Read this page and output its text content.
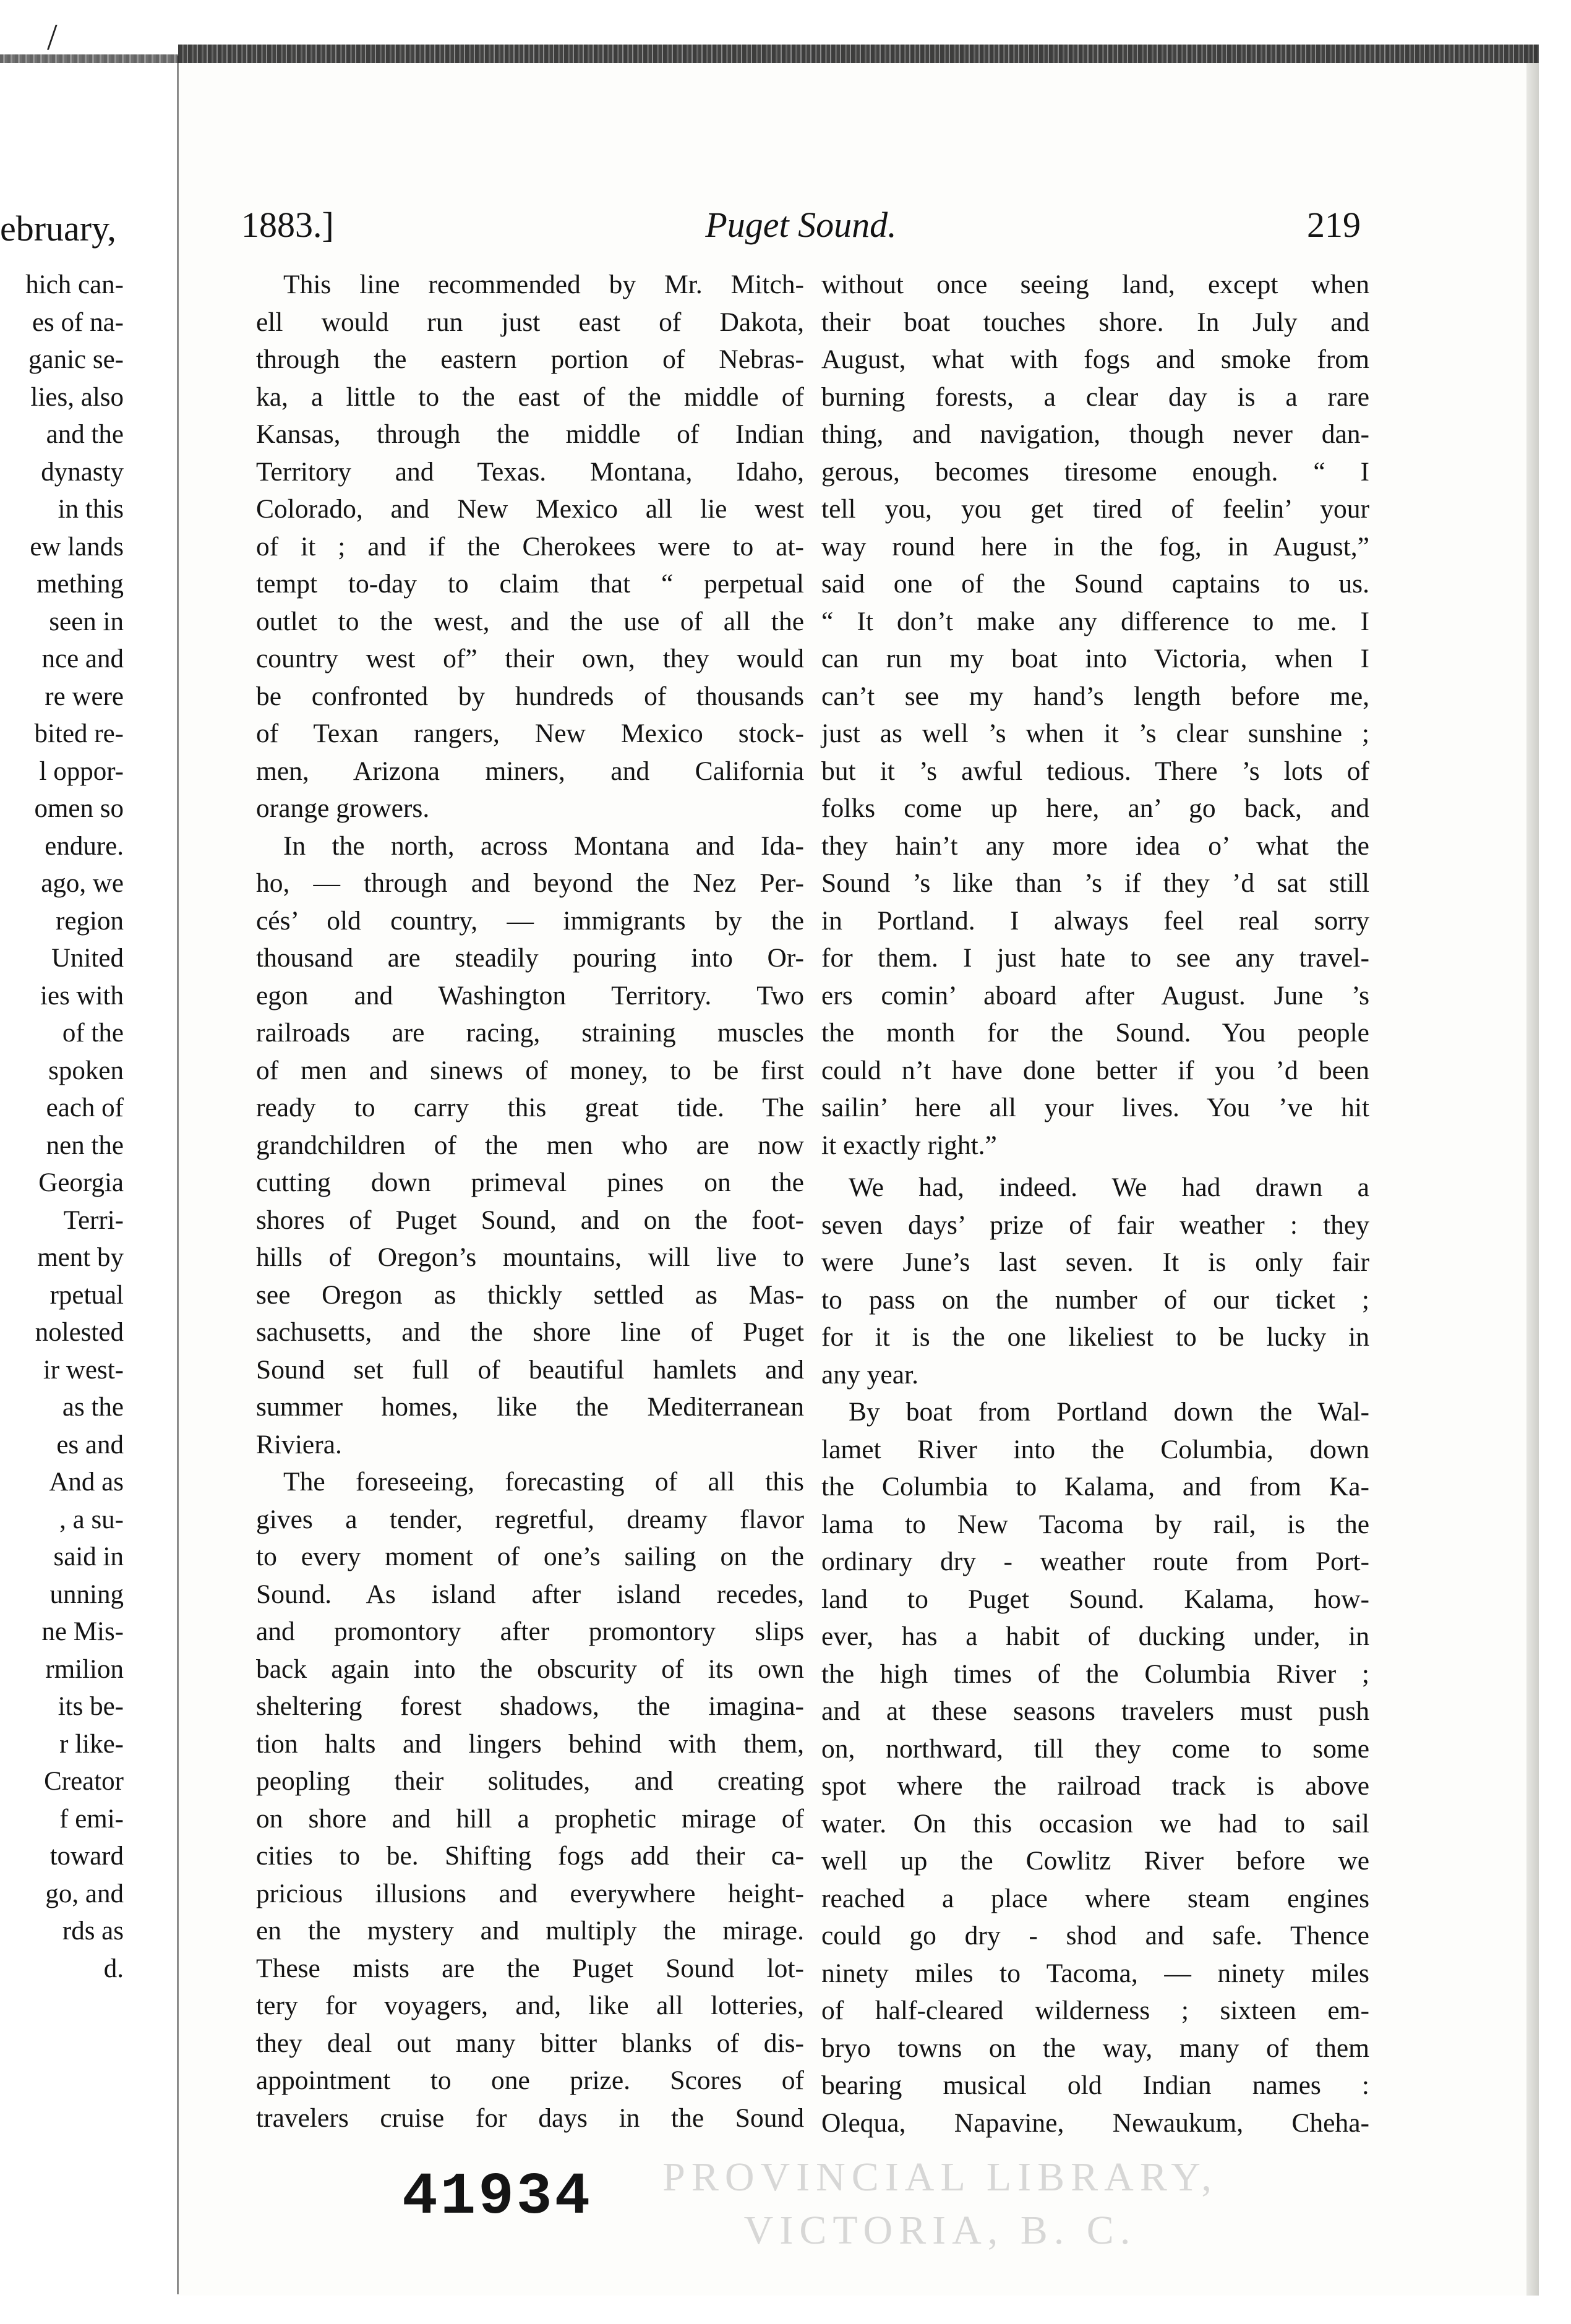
/
ebruary,
hich can-
es of na-
ganic se-
lies, also
and the
dynasty
in this
ew lands
mething
seen in
nce and
re were
bited re-
l oppor-
omen so
endure.
ago, we
region
United
ies with
of the
spoken
each of
nen the
Georgia
Terri-
ment by
rpetual
nolested
ir west-
as the
es and
And as
, a su-
said in
unning
ne Mis-
rmilion
its be-
r like-
Creator
f emi-
toward
go, and
rds as
d.
1883.]	Puget Sound.	219
This line recommended by Mr. Mitch-
ell would run just east of Dakota,
through the eastern portion of Nebras-
ka, a little to the east of the middle of
Kansas, through the middle of Indian
Territory and Texas. Montana, Idaho,
Colorado, and New Mexico all lie west
of it ; and if the Cherokees were to at-
tempt to-day to claim that “ perpetual
outlet to the west, and the use of all the
country west of” their own, they would
be confronted by hundreds of thousands
of Texan rangers, New Mexico stock-
men, Arizona miners, and California
orange growers.
In the north, across Montana and Ida-
ho, — through and beyond the Nez Per-
cés’ old country, — immigrants by the
thousand are steadily pouring into Or-
egon and Washington Territory. Two
railroads are racing, straining muscles
of men and sinews of money, to be first
ready to carry this great tide. The
grandchildren of the men who are now
cutting down primeval pines on the
shores of Puget Sound, and on the foot-
hills of Oregon’s mountains, will live to
see Oregon as thickly settled as Mas-
sachusetts, and the shore line of Puget
Sound set full of beautiful hamlets and
summer homes, like the Mediterranean
Riviera.
The foreseeing, forecasting of all this
gives a tender, regretful, dreamy flavor
to every moment of one’s sailing on the
Sound. As island after island recedes,
and promontory after promontory slips
back again into the obscurity of its own
sheltering forest shadows, the imagina-
tion halts and lingers behind with them,
peopling their solitudes, and creating
on shore and hill a prophetic mirage of
cities to be. Shifting fogs add their ca-
pricious illusions and everywhere height-
en the mystery and multiply the mirage.
These mists are the Puget Sound lot-
tery for voyagers, and, like all lotteries,
they deal out many bitter blanks of dis-
appointment to one prize. Scores of
travelers cruise for days in the Sound
without once seeing land, except when
their boat touches shore. In July and
August, what with fogs and smoke from
burning forests, a clear day is a rare
thing, and navigation, though never dan-
gerous, becomes tiresome enough. “ I
tell you, you get tired of feelin’ your
way round here in the fog, in August,”
said one of the Sound captains to us.
“ It don’t make any difference to me. I
can run my boat into Victoria, when I
can’t see my hand’s length before me,
just as well ’s when it ’s clear sunshine ;
but it ’s awful tedious. There ’s lots of
folks come up here, an’ go back, and
they hain’t any more idea o’ what the
Sound ’s like than ’s if they ’d sat still
in Portland. I always feel real sorry
for them. I just hate to see any travel-
ers comin’ aboard after August. June ’s
the month for the Sound. You people
could n’t have done better if you ’d been
sailin’ here all your lives. You ’ve hit
it exactly right.”
We had, indeed. We had drawn a
seven days’ prize of fair weather : they
were June’s last seven. It is only fair
to pass on the number of our ticket ;
for it is the one likeliest to be lucky in
any year.
By boat from Portland down the Wal-
lamet River into the Columbia, down
the Columbia to Kalama, and from Ka-
lama to New Tacoma by rail, is the
ordinary dry - weather route from Port-
land to Puget Sound. Kalama, how-
ever, has a habit of ducking under, in
the high times of the Columbia River ;
and at these seasons travelers must push
on, northward, till they come to some
spot where the railroad track is above
water. On this occasion we had to sail
well up the Cowlitz River before we
reached a place where steam engines
could go dry - shod and safe. Thence
ninety miles to Tacoma, — ninety miles
of half-cleared wilderness ; sixteen em-
bryo towns on the way, many of them
bearing musical old Indian names :
Olequa, Napavine, Newaukum, Cheha-
41934 PROVINCIAL LIBRARY,
VICTORIA, B. C.
